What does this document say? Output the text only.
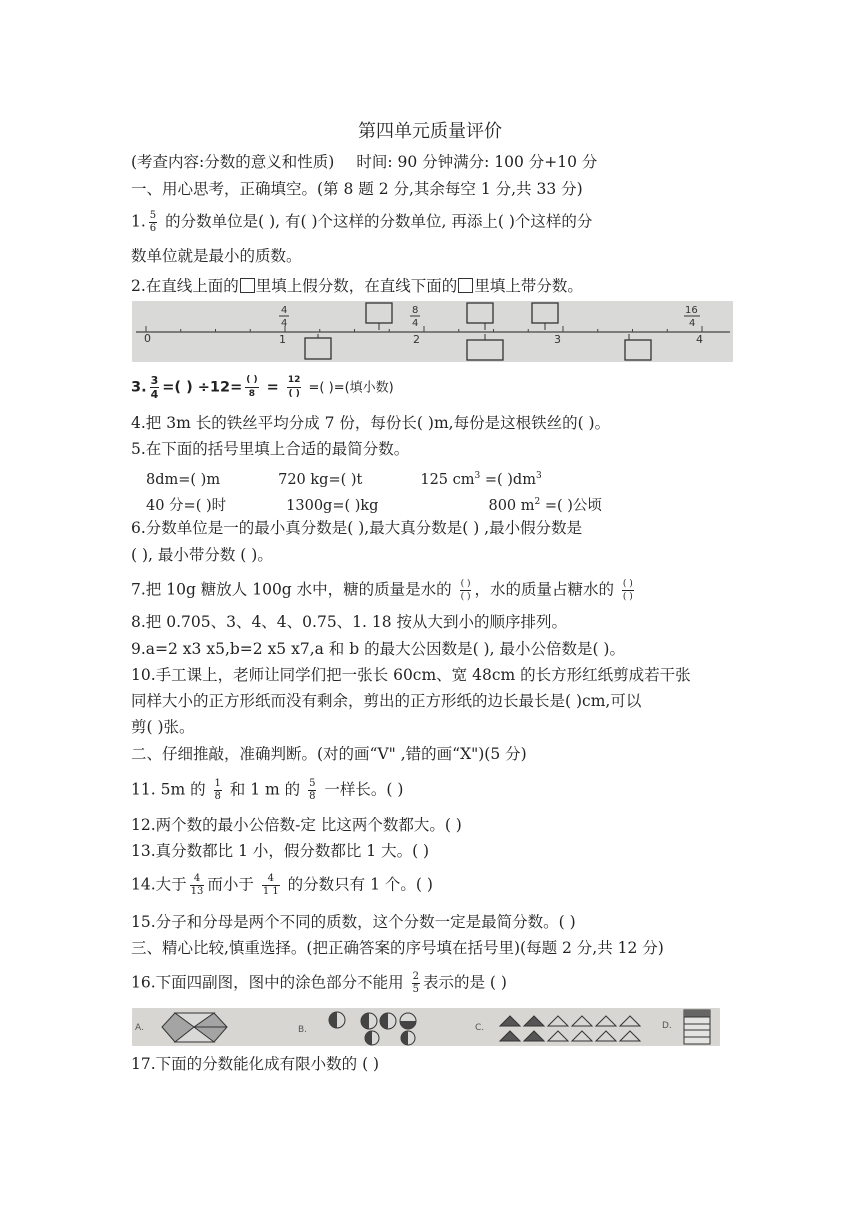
第四单元质量评价
(考查内容:分数的意义和性质) 时间: 90 分钟满分: 100 分+10 分
一、用心思考，正确填空。(第 8 题 2 分,其余每空 1 分,共 33 分)
1. $\frac{5}{6}$ 的分数单位是( ), 有( )个这样的分数单位, 再添上( )个这样的分
数单位就是最小的质数。
2.在直线上面的 里填上假分数，在直线下面的 里填上带分数。
0	1	2	3	4
4
4
8
4
16
4
3. $\frac{3}{4}$ =( ) $\div 12= \frac{( )}{8} = \frac{12}{( )}$ =( )=(填小数)
4.把 3m 长的铁丝平均分成 7 份，每份长( )m,每份是这根铁丝的( )。
5.在下面的括号里填上合适的最简分数。
8dm=( )m	720 kg=( )t	125 $cm^3$ =( )$dm^3$
40 分=( )时	1300g=( )kg	800 $m^2$ =( )公顷
6.分数单位是一的最小真分数是( ),最大真分数是( ) ,最小假分数是
( ), 最小带分数 ( )。
7.把 10g 糖放人 100g 水中，糖的质量是水的 $\frac{( )}{( )}$ ，水的质量占糖水的 $\frac{( )}{( )}$
8.把 0.705、3、4、4、0.75、1. 18 按从大到小的顺序排列。
9.a=2 x3 x5,b=2 x5 x7,a 和 b 的最大公因数是( ), 最小公倍数是( )。
10.手工课上，老师让同学们把一张长 60cm、宽 48cm 的长方形红纸剪成若干张
同样大小的正方形纸而没有剩余，剪出的正方形纸的边长最长是( )cm,可以
剪( )张。
二、仔细推敲，准确判断。(对的画“V" ,错的画“X")(5 分)
11. 5m 的 $\frac{1}{8}$ 和 1 m 的 $\frac{5}{8}$ 一样长。( )
12.两个数的最小公倍数-定 比这两个数都大。( )
13.真分数都比 1 小，假分数都比 1 大。( )
14.大于 $\frac{4}{13}$ 而小于 $\frac{4}{1 1}$ 的分数只有 1 个。( )
15.分子和分母是两个不同的质数，这个分数一定是最简分数。( )
三、精心比较,慎重选择。(把正确答案的序号填在括号里)(每题 2 分,共 12 分)
16.下面四副图，图中的涂色部分不能用 $\frac{2}{5}$ 表示的是 ( )
A.	B.	C.	D.
17.下面的分数能化成有限小数的 ( )
